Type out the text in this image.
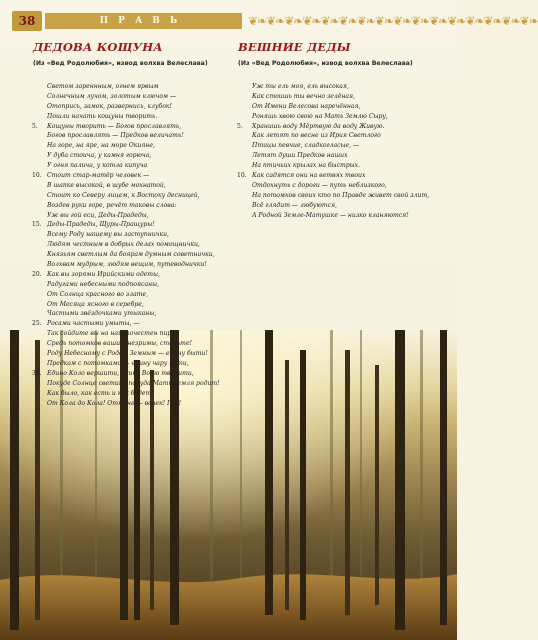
38	ПРАВЬ	❦❧❦❧❦❧❦❧❦❧❦❧❦❧❦❧❦❧❦❧❦❧❦❧❦❧❦❧❦❧❦❧
ДЕДОВА КОЩУНА
(Из «Вед Родолюбия», извод волхва Велеслава)
Светом зареннным, огнем ярвым
Солнечным лучом, золотым ключом —
Отопрись, замок, развернись, клубок!
Пошли начать кощуны творить.
5. Кощуны творить — Богов прославлять,
Богов прославлять — Предков величать!
На горе, на яре, на море Окияне,
У дуба стоича, у камня горюча,
У огня палича, у котла кипуча
10. Стоит стар-матёр человек —
В шапке высокой, в шубе мохнатой,
Стоит ко Северу лицем, к Востоку десницей,
Воздев руки горе, речёт таковы слова:
Уж вы гой еси, Деды-Прадеды,
15. Деды-Прадеды, Щуры-Пращуры!
Всему Роду нашему вы заступнички,
Людям честным в добрых делах помощнички,
Князьям светлым да боярам думным советнички,
Волхвам мудрым, людям вещим, путеводнички!
20. Как вы зорями Ирийскими одеты,
Радугами небесными подпоясаны,
От Солнца красного во злате,
От Месяца ясного в серебре,
Частыми звёздочками утыканы,
25. Росами частыми умыты, —
Так сойдите вы на наш почестен пир,
Средь потомков ваших, незримы, станьте!
Роду Небесному с Родом Земным — едину быти!
Предкам с потомками — едину чару пити,
30. Едино Коло вершити, едину Волю творити,
Покуде Солнце светит, покуда Мать-Земля родит!
Как было, как есть и как будет!
От Кола до Кола! Отныне — вовек! Гой!
ВЕШНИЕ ДЕДЫ
(Из «Вед Родолюбия», извод волхва Велеслава)
Уж ты ель моя, ель высокая,
Как стоишь ты вечно зелёная,
От Имени Велесова наречённая,
Роняшь хвою свою на Мать Землю Сыру,
5. Хранишь воду Мёртвую да воду Живую.
Как летят по весне из Ирия Светлого
Птицы певчие, сладкогласые, —
Летят души Предков наших
На птичьих крылах на быстрых.
10. Как садятся они на ветвях твоих
Отдохнуть с дороги — путь неблизкого,
На потомков своих кто по Правде живет свой злит,
Всё глядит — любуются,
А Родной Земле-Матушке — низко кланяются!
